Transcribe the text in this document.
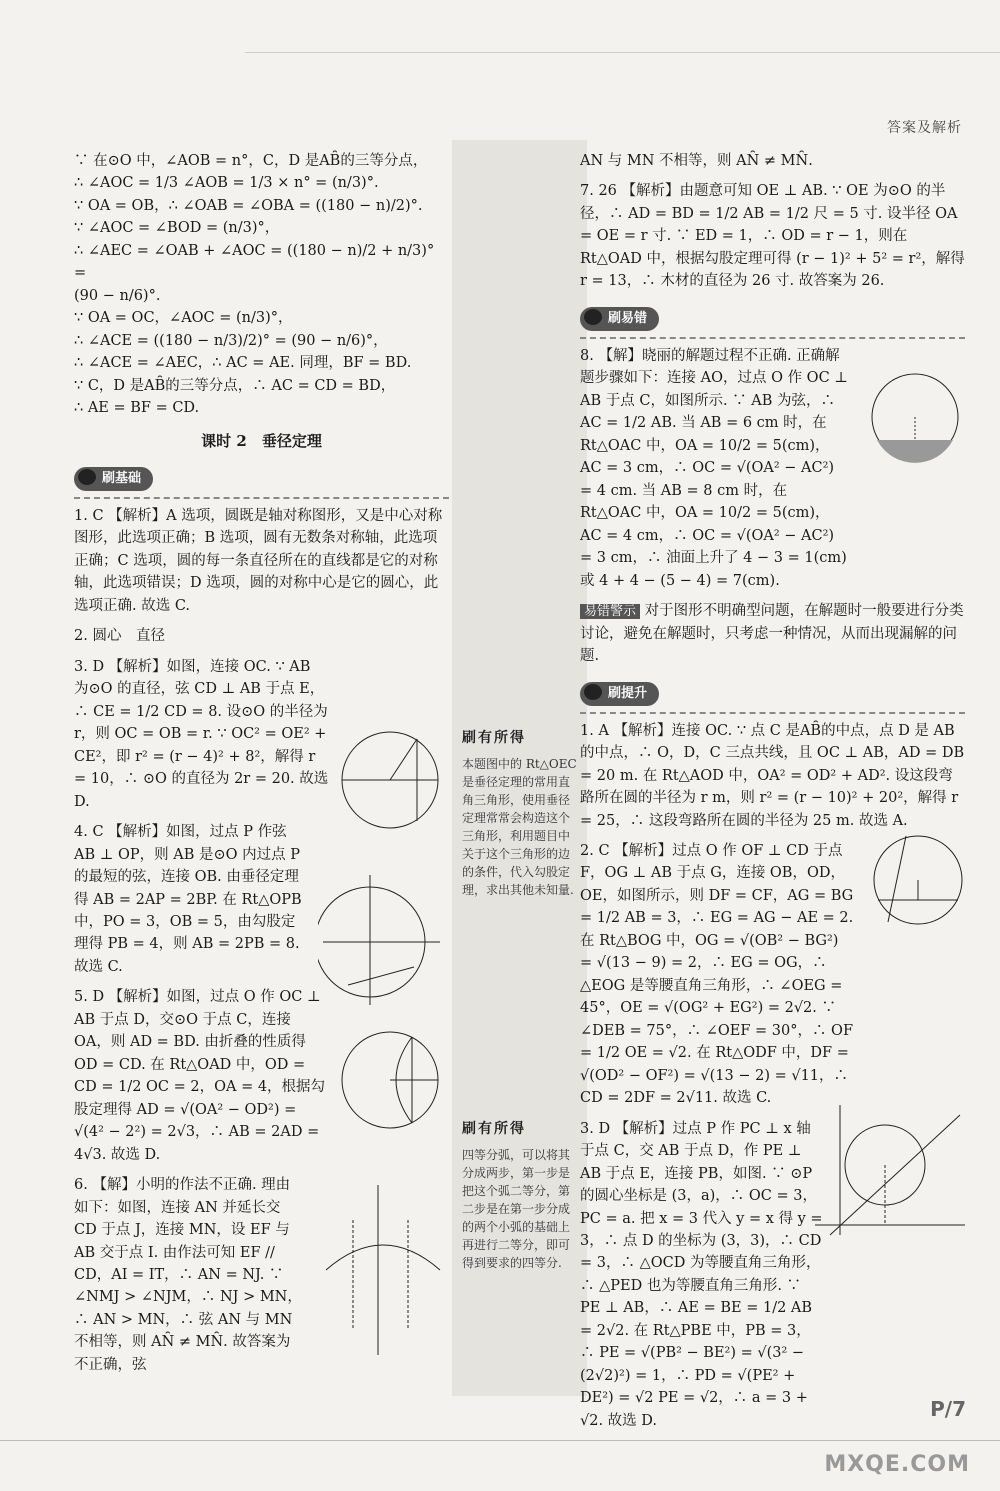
答案及解析

∵ 在⊙O 中，∠AOB = n°，C，D 是AB̑的三等分点，

∴ ∠AOC = 1/3 ∠AOB = 1/3 × n° = (n/3)°.

∵ OA = OB，∴ ∠OAB = ∠OBA = ((180 − n)/2)°.

∵ ∠AOC = ∠BOD = (n/3)°，

∴ ∠AEC = ∠OAB + ∠AOC = ((180 − n)/2 + n/3)° =

(90 − n/6)°.

∵ OA = OC，∠AOC = (n/3)°，

∴ ∠ACE = ((180 − n/3)/2)° = (90 − n/6)°，

∴ ∠ACE = ∠AEC，∴ AC = AE. 同理，BF = BD.

∵ C，D 是AB̑的三等分点，∴ AC = CD = BD，

∴ AE = BF = CD.

课时 2　垂径定理
刷基础

1. C 【解析】A 选项，圆既是轴对称图形，又是中心对称图形，此选项正确；B 选项，圆有无数条对称轴，此选项正确；C 选项，圆的每一条直径所在的直线都是它的对称轴，此选项错误；D 选项，圆的对称中心是它的圆心，此选项正确. 故选 C.

2. 圆心　直径

3. D 【解析】如图，连接 OC. ∵ AB 为⊙O 的直径，弦 CD ⊥ AB 于点 E，∴ CE = 1/2 CD = 8. 设⊙O 的半径为 r，则 OC = OB = r. ∵ OC² = OE² + CE²，即 r² = (r − 4)² + 8²，解得 r = 10，∴ ⊙O 的直径为 2r = 20. 故选 D.

4. C 【解析】如图，过点 P 作弦 AB ⊥ OP，则 AB 是⊙O 内过点 P 的最短的弦，连接 OB. 由垂径定理得 AB = 2AP = 2BP. 在 Rt△OPB 中，PO = 3，OB = 5，由勾股定理得 PB = 4，则 AB = 2PB = 8. 故选 C.

5. D 【解析】如图，过点 O 作 OC ⊥ AB 于点 D，交⊙O 于点 C，连接 OA，则 AD = BD. 由折叠的性质得 OD = CD. 在 Rt△OAD 中，OD = CD = 1/2 OC = 2，OA = 4，根据勾股定理得 AD = √(OA² − OD²) = √(4² − 2²) = 2√3，∴ AB = 2AD = 4√3. 故选 D.

6. 【解】小明的作法不正确. 理由如下：如图，连接 AN 并延长交 CD 于点 J，连接 MN，设 EF 与 AB 交于点 I. 由作法可知 EF // CD，AI = IT，∴ AN = NJ. ∵ ∠NMJ > ∠NJM，∴ NJ > MN，∴ AN > MN，∴ 弦 AN 与 MN 不相等，则 AN̑ ≠ MN̑. 故答案为不正确，弦

刷有所得
本题图中的 Rt△OEC 是垂径定理的常用直角三角形，使用垂径定理常常会构造这个三角形，利用题目中关于这个三角形的边的条件，代入勾股定理，求出其他未知量.
刷有所得
四等分弧，可以将其分成两步，第一步是把这个弧二等分，第二步是在第一步分成的两个小弧的基础上再进行二等分，即可得到要求的四等分.

AN 与 MN 不相等，则 AN̑ ≠ MN̑.

7. 26 【解析】由题意可知 OE ⊥ AB. ∵ OE 为⊙O 的半径，∴ AD = BD = 1/2 AB = 1/2 尺 = 5 寸. 设半径 OA = OE = r 寸. ∵ ED = 1，∴ OD = r − 1，则在 Rt△OAD 中，根据勾股定理可得 (r − 1)² + 5² = r²，解得 r = 13，∴ 木材的直径为 26 寸. 故答案为 26.

刷易错

8. 【解】晓丽的解题过程不正确. 正确解题步骤如下：连接 AO，过点 O 作 OC ⊥ AB 于点 C，如图所示. ∵ AB 为弦，∴ AC = 1/2 AB. 当 AB = 6 cm 时，在 Rt△OAC 中，OA = 10/2 = 5(cm)，AC = 3 cm，∴ OC = √(OA² − AC²) = 4 cm. 当 AB = 8 cm 时，在 Rt△OAC 中，OA = 10/2 = 5(cm)，AC = 4 cm，∴ OC = √(OA² − AC²) = 3 cm，∴ 油面上升了 4 − 3 = 1(cm) 或 4 + 4 − (5 − 4) = 7(cm).

易错警示 对于图形不明确型问题，在解题时一般要进行分类讨论，避免在解题时，只考虑一种情况，从而出现漏解的问题.

刷提升

1. A 【解析】连接 OC. ∵ 点 C 是AB̑的中点，点 D 是 AB 的中点，∴ O，D，C 三点共线，且 OC ⊥ AB，AD = DB = 20 m. 在 Rt△AOD 中，OA² = OD² + AD². 设这段弯路所在圆的半径为 r m，则 r² = (r − 10)² + 20²，解得 r = 25，∴ 这段弯路所在圆的半径为 25 m. 故选 A.

2. C 【解析】过点 O 作 OF ⊥ CD 于点 F，OG ⊥ AB 于点 G，连接 OB，OD，OE，如图所示，则 DF = CF，AG = BG = 1/2 AB = 3，∴ EG = AG − AE = 2. 在 Rt△BOG 中，OG = √(OB² − BG²) = √(13 − 9) = 2，∴ EG = OG，∴ △EOG 是等腰直角三角形，∴ ∠OEG = 45°，OE = √(OG² + EG²) = 2√2. ∵ ∠DEB = 75°，∴ ∠OEF = 30°，∴ OF = 1/2 OE = √2. 在 Rt△ODF 中，DF = √(OD² − OF²) = √(13 − 2) = √11，∴ CD = 2DF = 2√11. 故选 C.

3. D 【解析】过点 P 作 PC ⊥ x 轴于点 C，交 AB 于点 D，作 PE ⊥ AB 于点 E，连接 PB，如图. ∵ ⊙P 的圆心坐标是 (3，a)，∴ OC = 3，PC = a. 把 x = 3 代入 y = x 得 y = 3，∴ 点 D 的坐标为 (3，3)，∴ CD = 3，∴ △OCD 为等腰直角三角形，∴ △PED 也为等腰直角三角形. ∵ PE ⊥ AB，∴ AE = BE = 1/2 AB = 2√2. 在 Rt△PBE 中，PB = 3，∴ PE = √(PB² − BE²) = √(3² − (2√2)²) = 1，∴ PD = √(PE² + DE²) = √2 PE = √2，∴ a = 3 + √2. 故选 D.	P/7
MXQE.COM
